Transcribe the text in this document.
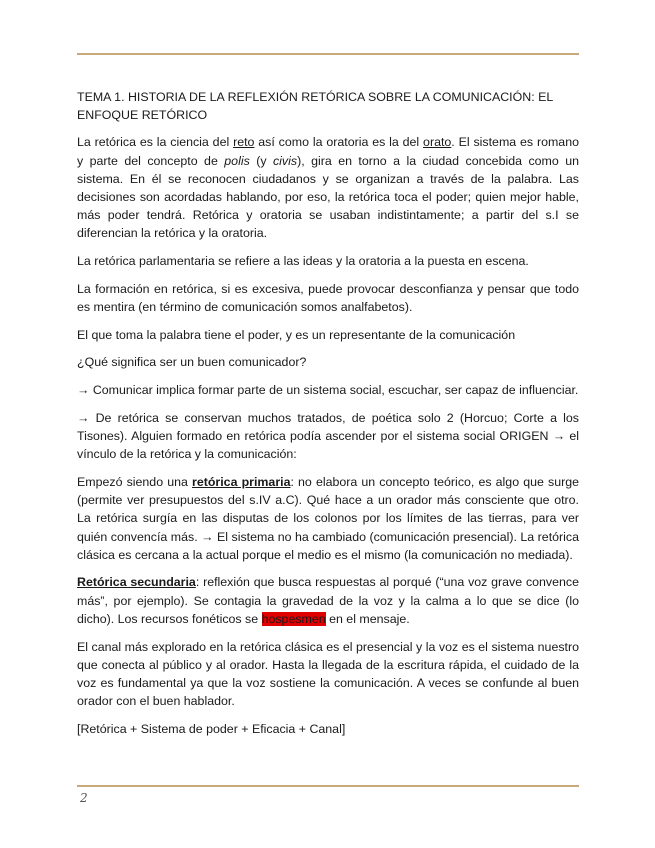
TEMA 1. HISTORIA DE LA REFLEXIÓN RETÓRICA SOBRE LA COMUNICACIÓN: EL ENFOQUE RETÓRICO

La retórica es la ciencia del reto así como la oratoria es la del orato. El sistema es romano y parte del concepto de polis (y civis), gira en torno a la ciudad concebida como un sistema. En él se reconocen ciudadanos y se organizan a través de la palabra. Las decisiones son acordadas hablando, por eso, la retórica toca el poder; quien mejor hable, más poder tendrá. Retórica y oratoria se usaban indistintamente; a partir del s.I se diferencian la retórica y la oratoria.

La retórica parlamentaria se refiere a las ideas y la oratoria a la puesta en escena.

La formación en retórica, si es excesiva, puede provocar desconfianza y pensar que todo es mentira (en término de comunicación somos analfabetos).

El que toma la palabra tiene el poder, y es un representante de la comunicación

¿Qué significa ser un buen comunicador?

→ Comunicar implica formar parte de un sistema social, escuchar, ser capaz de influenciar.

→ De retórica se conservan muchos tratados, de poética solo 2 (Horcuo; Corte a los Tisones). Alguien formado en retórica podía ascender por el sistema social ORIGEN → el vínculo de la retórica y la comunicación:

Empezó siendo una retórica primaria: no elabora un concepto teórico, es algo que surge (permite ver presupuestos del s.IV a.C). Qué hace a un orador más consciente que otro. La retórica surgía en las disputas de los colonos por los límites de las tierras, para ver quién convencía más. → El sistema no ha cambiado (comunicación presencial). La retórica clásica es cercana a la actual porque el medio es el mismo (la comunicación no mediada).

Retórica secundaria: reflexión que busca respuestas al porqué (“una voz grave convence más”, por ejemplo). Se contagia la gravedad de la voz y la calma a lo que se dice (lo dicho). Los recursos fonéticos se hospesmen en el mensaje.

El canal más explorado en la retórica clásica es el presencial y la voz es el sistema nuestro que conecta al público y al orador. Hasta la llegada de la escritura rápida, el cuidado de la voz es fundamental ya que la voz sostiene la comunicación. A veces se confunde al buen orador con el buen hablador.

[Retórica + Sistema de poder + Eficacia + Canal]

2
